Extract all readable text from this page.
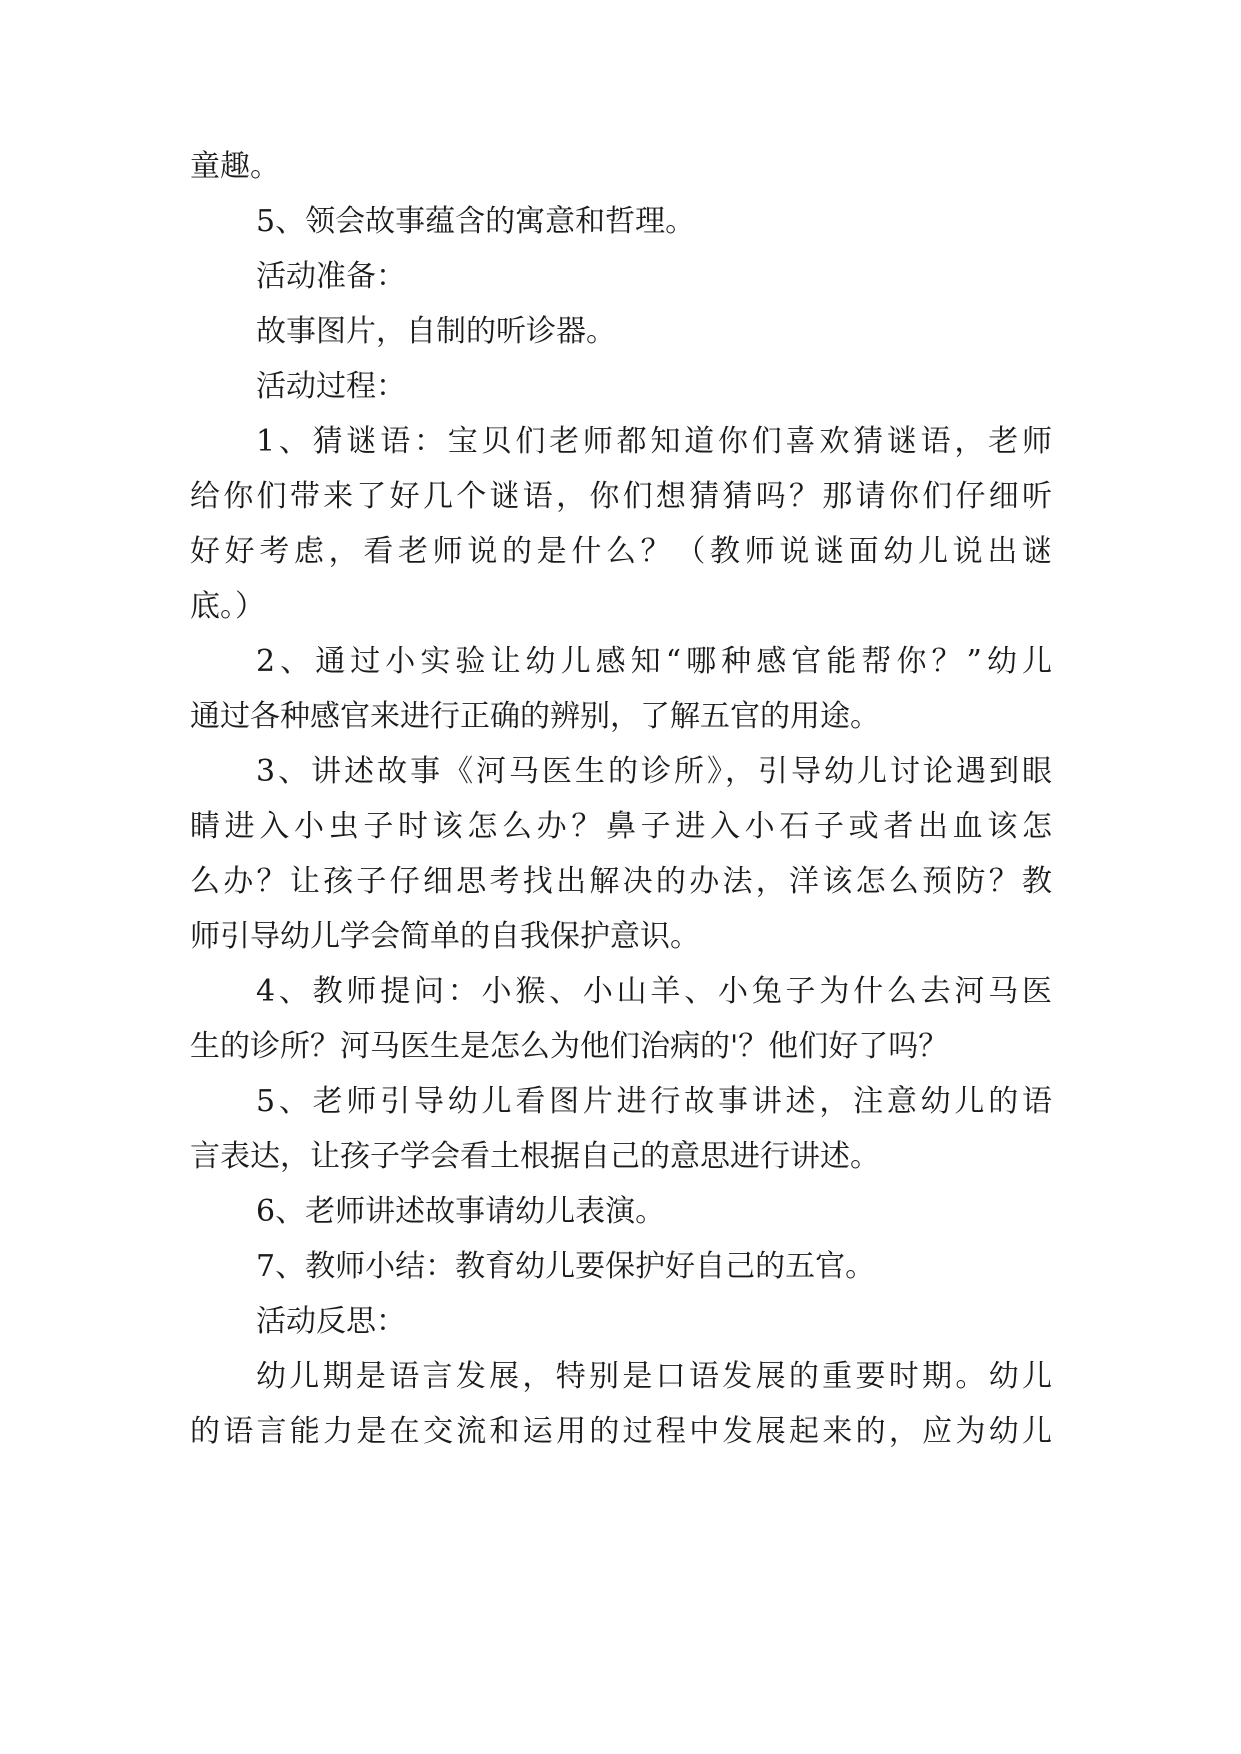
童趣。
5、领会故事蕴含的寓意和哲理。
活动准备：
故事图片，自制的听诊器。
活动过程：
1、猜谜语：宝贝们老师都知道你们喜欢猜谜语，老师
给你们带来了好几个谜语，你们想猜猜吗？那请你们仔细听
好好考虑，看老师说的是什么？（教师说谜面幼儿说出谜
底。）
2、通过小实验让幼儿感知“哪种感官能帮你？”幼儿
通过各种感官来进行正确的辨别，了解五官的用途。
3、讲述故事《河马医生的诊所》，引导幼儿讨论遇到眼
睛进入小虫子时该怎么办？鼻子进入小石子或者出血该怎
么办？让孩子仔细思考找出解决的办法，洋该怎么预防？教
师引导幼儿学会简单的自我保护意识。
4、教师提问：小猴、小山羊、小兔子为什么去河马医
生的诊所？河马医生是怎么为他们治病的'？他们好了吗？
5、老师引导幼儿看图片进行故事讲述，注意幼儿的语
言表达，让孩子学会看土根据自己的意思进行讲述。
6、老师讲述故事请幼儿表演。
7、教师小结：教育幼儿要保护好自己的五官。
活动反思：
幼儿期是语言发展，特别是口语发展的重要时期。幼儿
的语言能力是在交流和运用的过程中发展起来的，应为幼儿
